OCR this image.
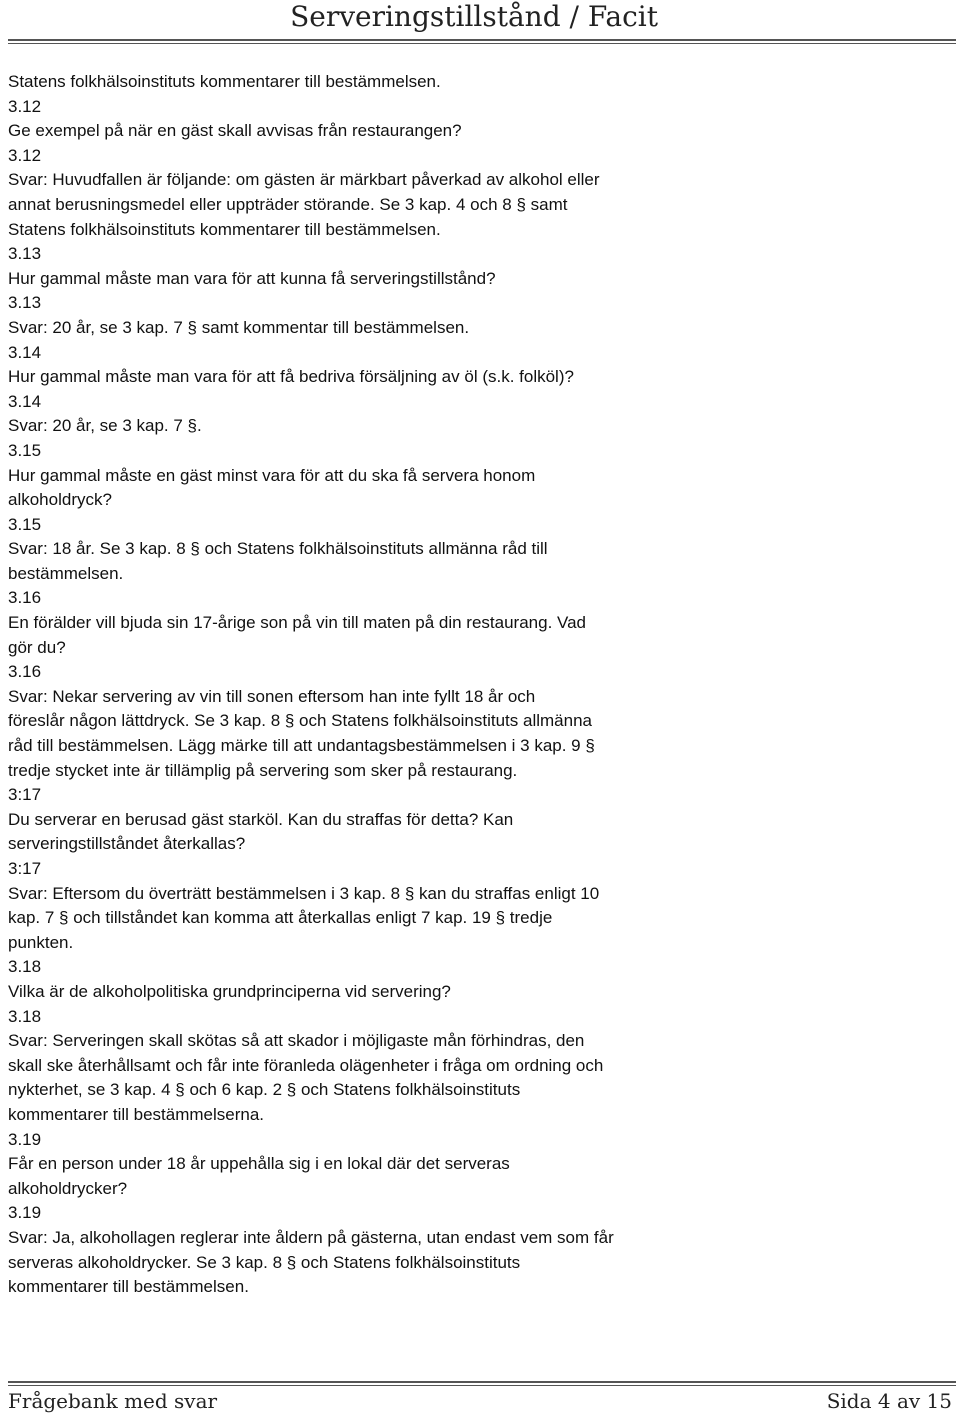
Serveringstillstånd / Facit

Statens folkhälsoinstituts kommentarer till bestämmelsen.

3.12

Ge exempel på när en gäst skall avvisas från restaurangen?

3.12

Svar: Huvudfallen är följande: om gästen är märkbart påverkad av alkohol eller

annat berusningsmedel eller uppträder störande. Se 3 kap. 4 och 8 § samt

Statens folkhälsoinstituts kommentarer till bestämmelsen.

3.13

Hur gammal måste man vara för att kunna få serveringstillstånd?

3.13

Svar: 20 år, se 3 kap. 7 § samt kommentar till bestämmelsen.

3.14

Hur gammal måste man vara för att få bedriva försäljning av öl (s.k. folköl)?

3.14

Svar: 20 år, se 3 kap. 7 §.

3.15

Hur gammal måste en gäst minst vara för att du ska få servera honom

alkoholdryck?

3.15

Svar: 18 år. Se 3 kap. 8 § och Statens folkhälsoinstituts allmänna råd till

bestämmelsen.

3.16

En förälder vill bjuda sin 17-årige son på vin till maten på din restaurang. Vad

gör du?

3.16

Svar: Nekar servering av vin till sonen eftersom han inte fyllt 18 år och

föreslår någon lättdryck. Se 3 kap. 8 § och Statens folkhälsoinstituts allmänna

råd till bestämmelsen. Lägg märke till att undantagsbestämmelsen i 3 kap. 9 §

tredje stycket inte är tillämplig på servering som sker på restaurang.

3:17

Du serverar en berusad gäst starköl. Kan du straffas för detta? Kan

serveringstillståndet återkallas?

3:17

Svar: Eftersom du överträtt bestämmelsen i 3 kap. 8 § kan du straffas enligt 10

kap. 7 § och tillståndet kan komma att återkallas enligt 7 kap. 19 § tredje

punkten.

3.18

Vilka är de alkoholpolitiska grundprinciperna vid servering?

3.18

Svar: Serveringen skall skötas så att skador i möjligaste mån förhindras, den

skall ske återhållsamt och får inte föranleda olägenheter i fråga om ordning och

nykterhet, se 3 kap. 4 § och 6 kap. 2 § och Statens folkhälsoinstituts

kommentarer till bestämmelserna.

3.19

Får en person under 18 år uppehålla sig i en lokal där det serveras

alkoholdrycker?

3.19

Svar: Ja, alkohollagen reglerar inte åldern på gästerna, utan endast vem som får

serveras alkoholdrycker. Se 3 kap. 8 § och Statens folkhälsoinstituts

kommentarer till bestämmelsen.

Frågebank med svar	Sida 4 av 15
